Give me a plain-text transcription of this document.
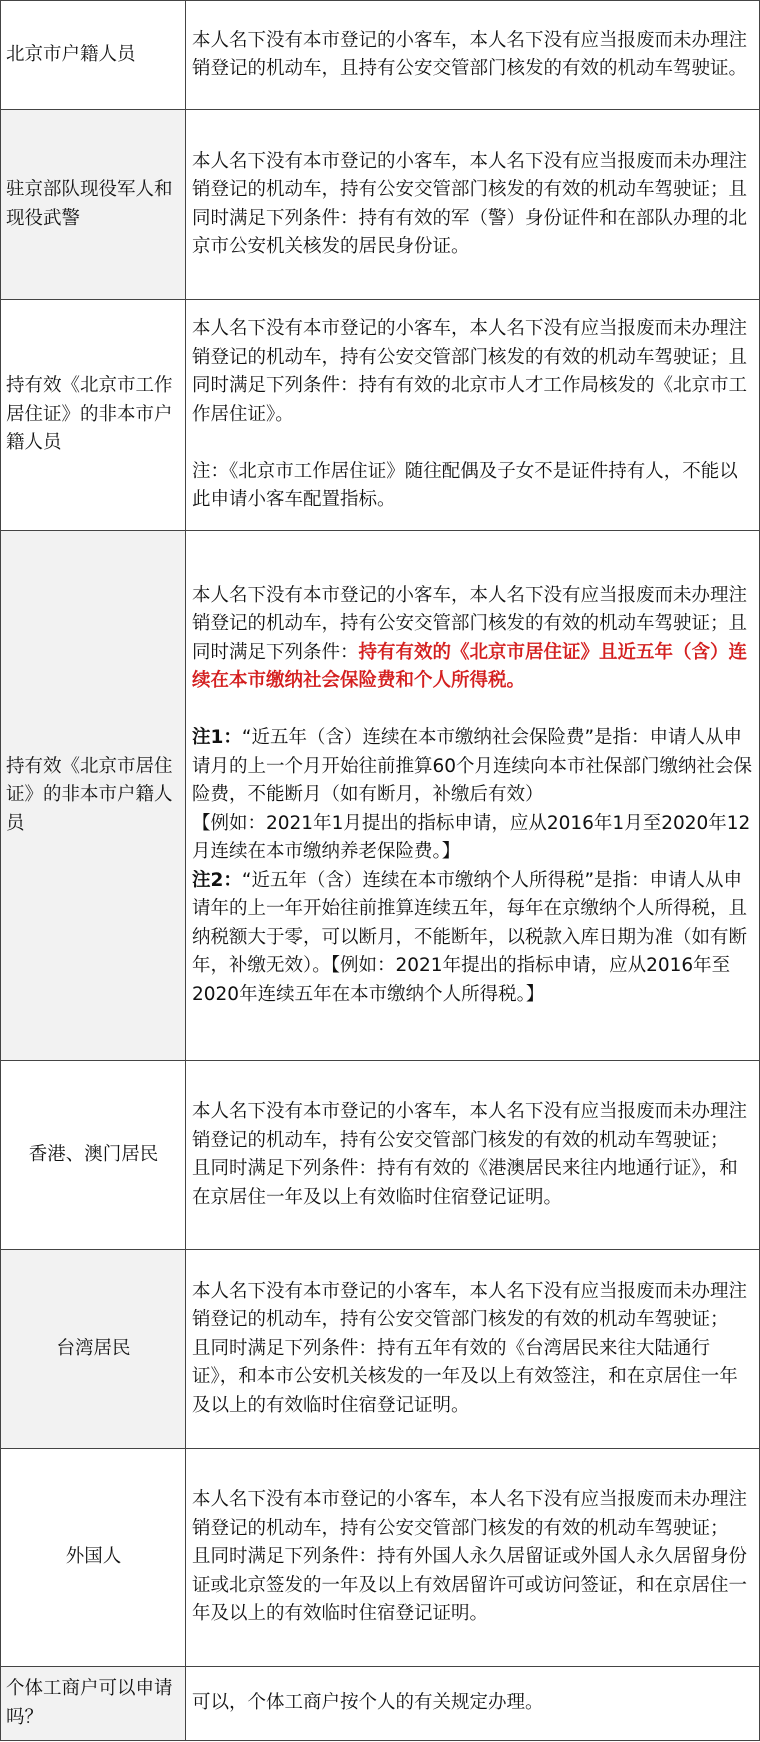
北京市户籍人员	本人名下没有本市登记的小客车，本人名下没有应当报废而未办理注销登记的机动车，且持有公安交管部门核发的有效的机动车驾驶证。

驻京部队现役军人和现役武警	本人名下没有本市登记的小客车，本人名下没有应当报废而未办理注销登记的机动车，持有公安交管部门核发的有效的机动车驾驶证；且同时满足下列条件：持有有效的军（警）身份证件和在部队办理的北京市公安机关核发的居民身份证。

持有效《北京市工作居住证》的非本市户籍人员	本人名下没有本市登记的小客车，本人名下没有应当报废而未办理注销登记的机动车，持有公安交管部门核发的有效的机动车驾驶证；且同时满足下列条件：持有有效的北京市人才工作局核发的《北京市工作居住证》。

注：《北京市工作居住证》随往配偶及子女不是证件持有人，不能以此申请小客车配置指标。

持有效《北京市居住证》的非本市户籍人员	本人名下没有本市登记的小客车，本人名下没有应当报废而未办理注销登记的机动车，持有公安交管部门核发的有效的机动车驾驶证；且同时满足下列条件：持有有效的《北京市居住证》且近五年（含）连续在本市缴纳社会保险费和个人所得税。

注1：“近五年（含）连续在本市缴纳社会保险费”是指：申请人从申请月的上一个月开始往前推算60个月连续向本市社保部门缴纳社会保险费，不能断月（如有断月，补缴后有效）

【例如：2021年1月提出的指标申请，应从2016年1月至2020年12月连续在本市缴纳养老保险费。】

注2：“近五年（含）连续在本市缴纳个人所得税”是指：申请人从申请年的上一年开始往前推算连续五年，每年在京缴纳个人所得税，且纳税额大于零，可以断月，不能断年，以税款入库日期为准（如有断年，补缴无效）。【例如：2021年提出的指标申请，应从2016年至2020年连续五年在本市缴纳个人所得税。】

香港、澳门居民	本人名下没有本市登记的小客车，本人名下没有应当报废而未办理注销登记的机动车，持有公安交管部门核发的有效的机动车驾驶证；

且同时满足下列条件：持有有效的《港澳居民来往内地通行证》，和在京居住一年及以上有效临时住宿登记证明。

台湾居民	本人名下没有本市登记的小客车，本人名下没有应当报废而未办理注销登记的机动车，持有公安交管部门核发的有效的机动车驾驶证；

且同时满足下列条件：持有五年有效的《台湾居民来往大陆通行证》，和本市公安机关核发的一年及以上有效签注，和在京居住一年及以上的有效临时住宿登记证明。

外国人	本人名下没有本市登记的小客车，本人名下没有应当报废而未办理注销登记的机动车，持有公安交管部门核发的有效的机动车驾驶证；

且同时满足下列条件：持有外国人永久居留证或外国人永久居留身份证或北京签发的一年及以上有效居留许可或访问签证，和在京居住一年及以上的有效临时住宿登记证明。

个体工商户可以申请吗？	可以，个体工商户按个人的有关规定办理。
